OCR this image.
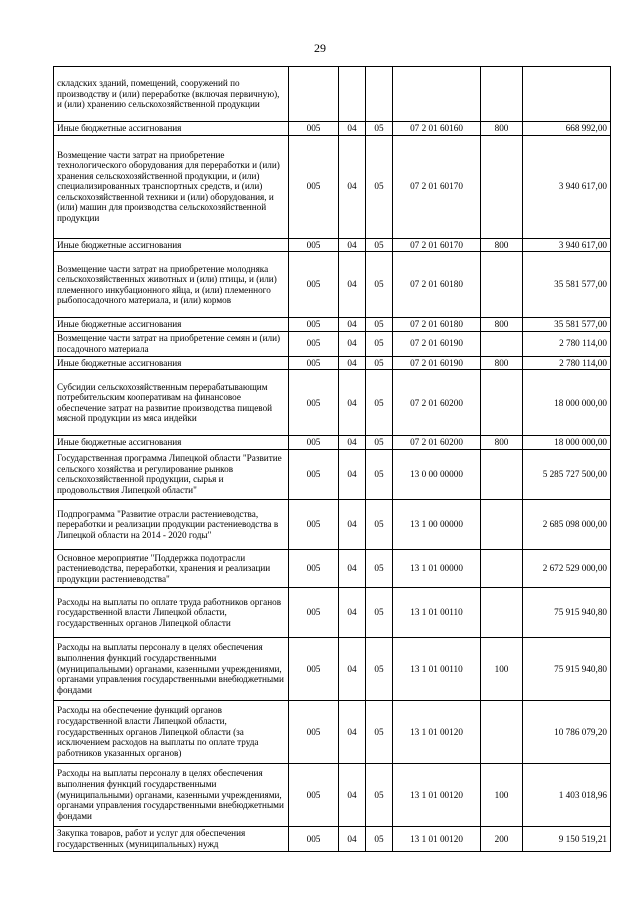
29
складских зданий, помещений, сооружений по производству и (или) переработке (включая первичную), и (или) хранению сельскохозяйственной продукции						
Иные бюджетные ассигнования	005	04	05	07 2 01 60160	800	668 992,00
Возмещение части затрат на приобретение технологического оборудования для переработки и (или) хранения сельскохозяйственной продукции, и (или) специализированных транспортных средств, и (или) сельскохозяйственной техники и (или) оборудования, и (или) машин для производства сельскохозяйственной продукции	005	04	05	07 2 01 60170		3 940 617,00
Иные бюджетные ассигнования	005	04	05	07 2 01 60170	800	3 940 617,00
Возмещение части затрат на приобретение молодняка сельскохозяйственных животных и (или) птицы, и (или) племенного инкубационного яйца, и (или) племенного рыбопосадочного материала, и (или) кормов	005	04	05	07 2 01 60180		35 581 577,00
Иные бюджетные ассигнования	005	04	05	07 2 01 60180	800	35 581 577,00
Возмещение части затрат на приобретение семян и (или) посадочного материала	005	04	05	07 2 01 60190		2 780 114,00
Иные бюджетные ассигнования	005	04	05	07 2 01 60190	800	2 780 114,00
Субсидии сельскохозяйственным перерабатывающим потребительским кооперативам на финансовое обеспечение затрат на развитие производства пищевой мясной продукции из мяса индейки	005	04	05	07 2 01 60200		18 000 000,00
Иные бюджетные ассигнования	005	04	05	07 2 01 60200	800	18 000 000,00
Государственная программа Липецкой области "Развитие сельского хозяйства и регулирование рынков сельскохозяйственной продукции, сырья и продовольствия Липецкой области"	005	04	05	13 0 00 00000		5 285 727 500,00
Подпрограмма "Развитие отрасли растениеводства, переработки и реализации продукции растениеводства в Липецкой области на 2014 - 2020 годы"	005	04	05	13 1 00 00000		2 685 098 000,00
Основное мероприятие "Поддержка подотрасли растениеводства, переработки, хранения и реализации продукции растениеводства"	005	04	05	13 1 01 00000		2 672 529 000,00
Расходы на выплаты по оплате труда работников органов государственной власти Липецкой области, государственных органов Липецкой области	005	04	05	13 1 01 00110		75 915 940,80
Расходы на выплаты персоналу в целях обеспечения выполнения функций государственными (муниципальными) органами, казенными учреждениями, органами управления государственными внебюджетными фондами	005	04	05	13 1 01 00110	100	75 915 940,80
Расходы на обеспечение функций органов государственной власти Липецкой области, государственных органов Липецкой области (за исключением расходов на выплаты по оплате труда работников указанных органов)	005	04	05	13 1 01 00120		10 786 079,20
Расходы на выплаты персоналу в целях обеспечения выполнения функций государственными (муниципальными) органами, казенными учреждениями, органами управления государственными внебюджетными фондами	005	04	05	13 1 01 00120	100	1 403 018,96
Закупка товаров, работ и услуг для обеспечения государственных (муниципальных) нужд	005	04	05	13 1 01 00120	200	9 150 519,21
